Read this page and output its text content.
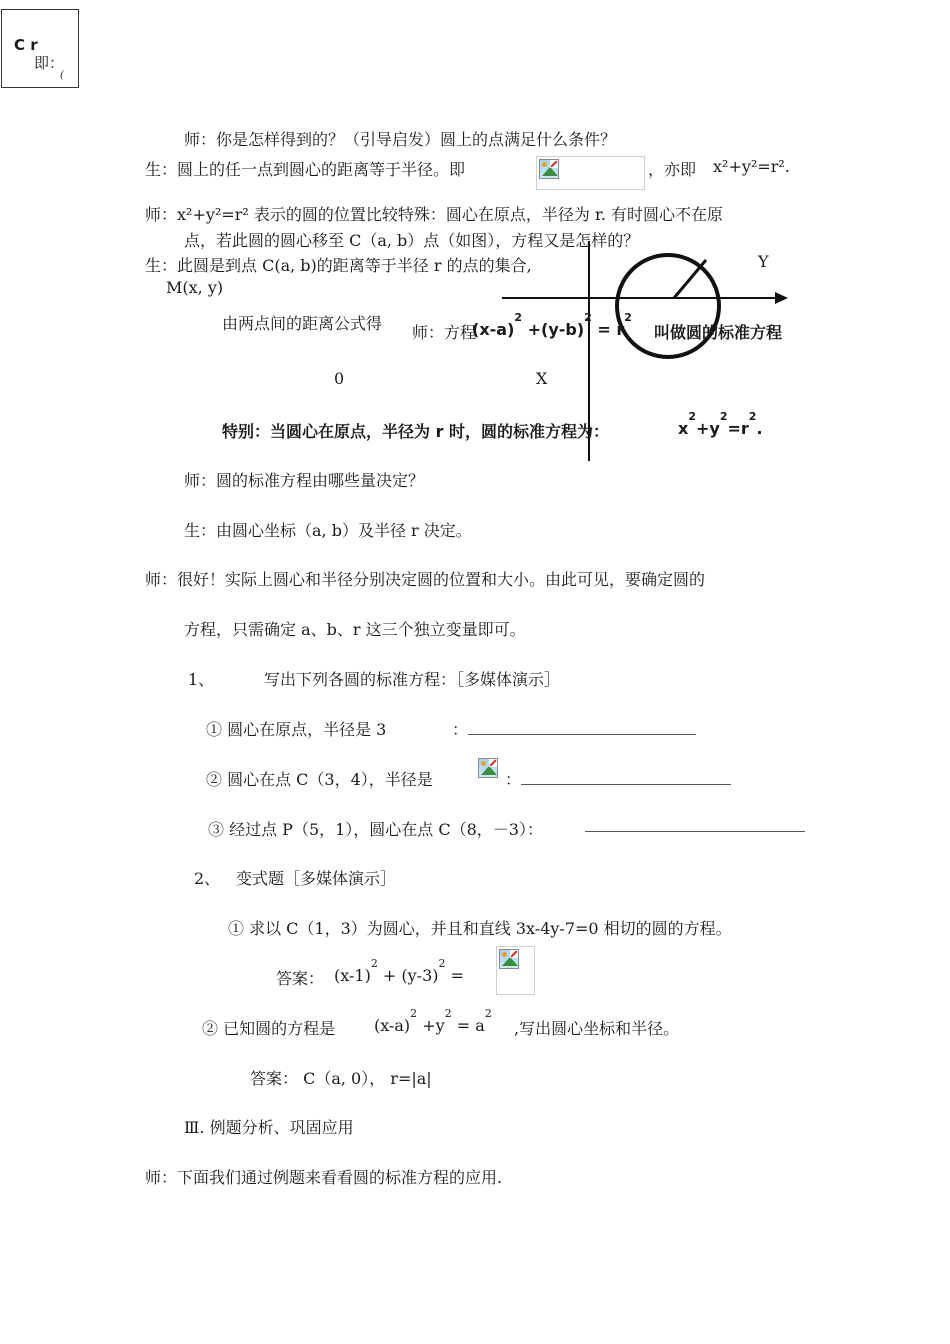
C r
即：
(
Y
0	X
师：你是怎样得到的？（引导启发）圆上的点满足什么条件？
生：圆上的任一点到圆心的距离等于半径。即	，亦即 x²+y²=r².
师：x²+y²=r² 表示的圆的位置比较特殊：圆心在原点，半径为 r. 有时圆心不在原
点，若此圆的圆心移至 C（a, b）点（如图），方程又是怎样的？
生：此圆是到点 C(a, b)的距离等于半径 r 的点的集合,
M(x, y)
由两点间的距离公式得 师：方程
$(x-a)^2 +(y-b)^2 = r^2$
叫做圆的标准方程
特别：当圆心在原点，半径为 r 时，圆的标准方程为：	$x^2+y^2=r^2$.
师：圆的标准方程由哪些量决定？
生：由圆心坐标（a, b）及半径 r 决定。
师：很好！实际上圆心和半径分别决定圆的位置和大小。由此可见，要确定圆的
方程，只需确定 a、b、r 这三个独立变量即可。
1、	写出下列各圆的标准方程：［多媒体演示］
① 圆心在原点，半径是 3	：
② 圆心在点 C（3，4），半径是	：
③ 经过点 P（5，1），圆心在点 C（8，－3）：
2、 变式题［多媒体演示］
① 求以 C（1，3）为圆心，并且和直线 3x-4y-7=0 相切的圆的方程。
答案： $(x-1)^2 + (y-3)^2$ =
② 已知圆的方程是 $(x-a)^2 +y^2 = a^2$
,写出圆心坐标和半径。
答案： C（a, 0）， r=|a|
Ⅲ. 例题分析、巩固应用
师：下面我们通过例题来看看圆的标准方程的应用.
